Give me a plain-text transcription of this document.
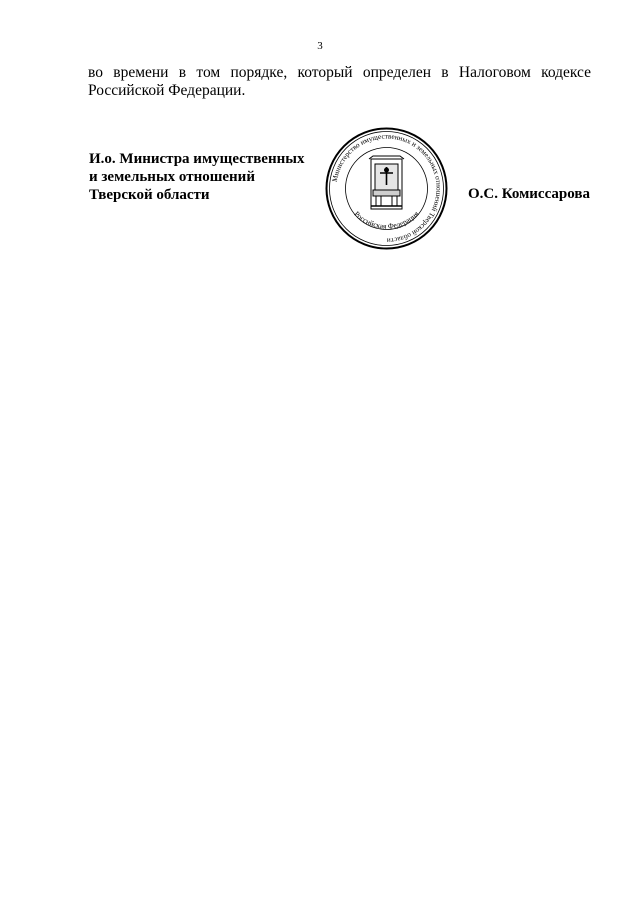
3
во времени в том порядке, который определен в Налоговом кодексе
Российской Федерации.
И.о. Министра имущественных
и земельных отношений
Тверской области
Министерство имущественных и земельных отношений Тверской области
Российская Федерация
О.С. Комиссарова
